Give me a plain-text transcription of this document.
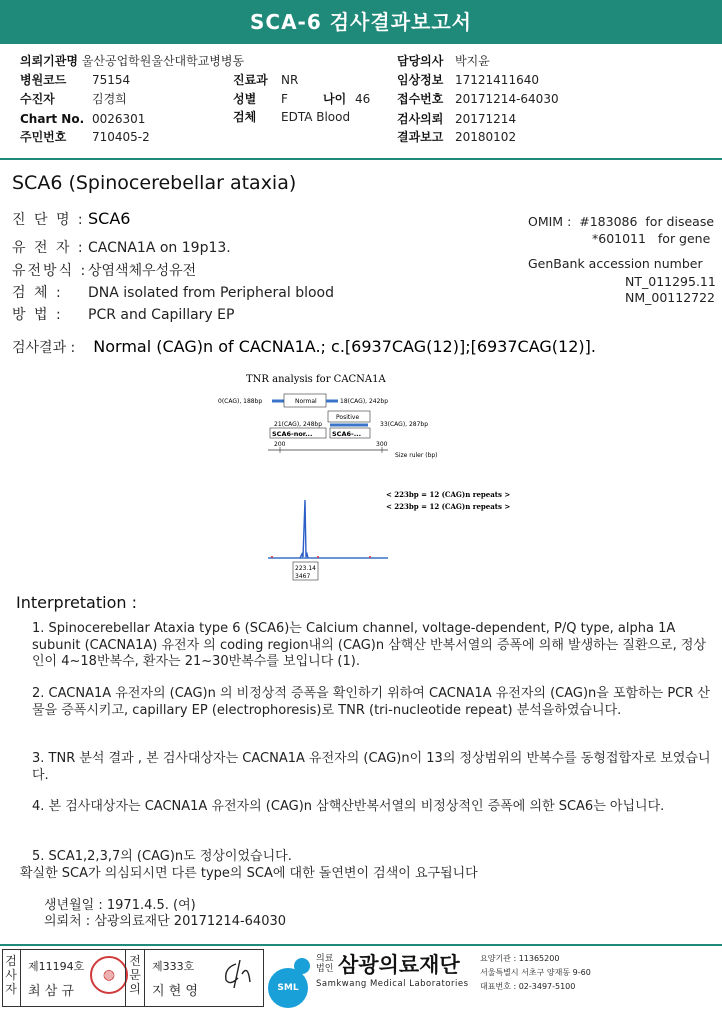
SCA-6 검사결과보고서
의뢰기관명 울산공업학원울산대학교병병동
병원코드 75154
수진자	김경희
Chart No. 0026301
주민번호 710405-2
진료과 NR
성별 F	나이 46
검체 EDTA Blood
담당의사 박지윤
임상정보 17121411640
접수번호 20171214-64030
검사의뢰 20171214
결과보고 20180102
SCA6 (Spinocerebellar ataxia)
진 단 명 : SCA6
유 전 자 : CACNA1A on 19p13.
유전방식 :상염색체우성유전
검 체 : DNA isolated from Peripheral blood
방 법 : PCR and Capillary EP
OMIM : #183086 for disease
*601011 for gene
GenBank accession number
NT_011295.11
NM_00112722
검사결과 : Normal (CAG)n of CACNA1A.; c.[6937CAG(12)];[6937CAG(12)].
TNR analysis for CACNA1A
0(CAG), 188bp	Normal	18(CAG), 242bp
Positive
21(CAG), 248bp
SCA6-nor...	SCA6-...
33(CAG), 287bp
200	300
Size ruler (bp)
< 223bp = 12 (CAG)n repeats >
< 223bp = 12 (CAG)n repeats >
223.14
3467
Interpretation :
1. Spinocerebellar Ataxia type 6 (SCA6)는 Calcium channel, voltage-dependent, P/Q type, alpha 1A subunit (CACNA1A) 유전자 의 coding region내의 (CAG)n 삼핵산 반복서열의 증폭에 의해 발생하는 질환으로, 정상인이 4~18반복수, 환자는 21~30반복수를 보입니다 (1).
2. CACNA1A 유전자의 (CAG)n 의 비정상적 증폭을 확인하기 위하여 CACNA1A 유전자의 (CAG)n을 포함하는 PCR 산물을 증폭시키고, capillary EP (electrophoresis)로 TNR (tri-nucleotide repeat) 분석을하였습니다.
3. TNR 분석 결과 , 본 검사대상자는 CACNA1A 유전자의 (CAG)n이 13의 정상범위의 반복수를 동형접합자로 보였습니다.
4. 본 검사대상자는 CACNA1A 유전자의 (CAG)n 삼핵산반복서열의 비정상적인 증폭에 의한 SCA6는 아닙니다.
5. SCA1,2,3,7의 (CAG)n도 정상이었습니다.
확실한 SCA가 의심되시면 다른 type의 SCA에 대한 돌연변이 검색이 요구됩니다
생년월일 : 1971.4.5. (여)
의뢰처 : 삼광의료재단 20171214-64030
검사자
제11194호
최 삼 규
◍
전문의
제333호
지 현 영	SML
의료법인 삼광의료재단
Samkwang Medical Laboratories
요양기관 : 11365200
서울특별시 서초구 양재동 9-60
대표번호 : 02-3497-5100
